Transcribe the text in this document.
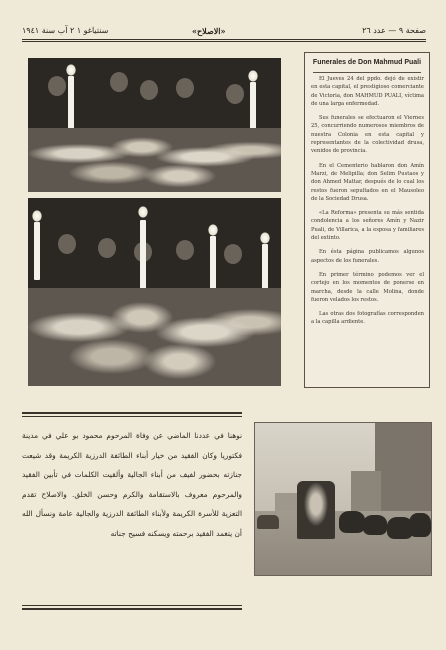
صفحة ٩ — عدد ٢٦
«الاصلاح»
سنتياغو ١ ٢ آب سنة ١٩٤١
Funerales de Don Mahmud Puali

El Jueves 24 del ppdo. dejó de existir en esta capital, el prestigioso comerciante de Victoria, don MAHMUD PUALI, víctima de una larga enfermedad.

Sus funerales se efectuaron el Viernes 25, concurriendo numerosos miembros de nuestra Colonia en esta capital y representantes de la colectividad drusa, venidos de provincia.

En el Cementerio hablaron don Amín Marzi, de Melipilla; don Selim Pustaos y don Ahmed Mattar, después de lo cual los restos fueron sepultados en el Mausoleo de la Sociedad Drusa.

«La Reforma» presenta su más sentida condolencia a los señores Amín y Nazir Puali, de Villarica, a la esposa y familiares del extinto.

En ésta página publicamos algunos aspectos de los funerales.

En primer término podemos ver el cortejo en los momentos de ponerse en marcha, desde la calle Molina, donde fueron velados los restos.

Las otras dos fotografías corresponden a la capilla ardiente.

نوهنا في عددنا الماضي عن وفاة المرحوم محمود بو علي في مدينة فكتوريا وكان الفقيد من خيار أبناء الطائفة الدرزية الكريمة وقد شيعت جنازته بحضور لفيف من أبناء الجالية وألقيت الكلمات في تأبين الفقيد والمرحوم معروف بالاستقامة والكرم وحسن الخلق. والاصلاح تقدم التعزية للأسرة الكريمة ولأبناء الطائفة الدرزية والجالية عامة ونسأل الله أن يتغمد الفقيد برحمته ويسكنه فسيح جناته
